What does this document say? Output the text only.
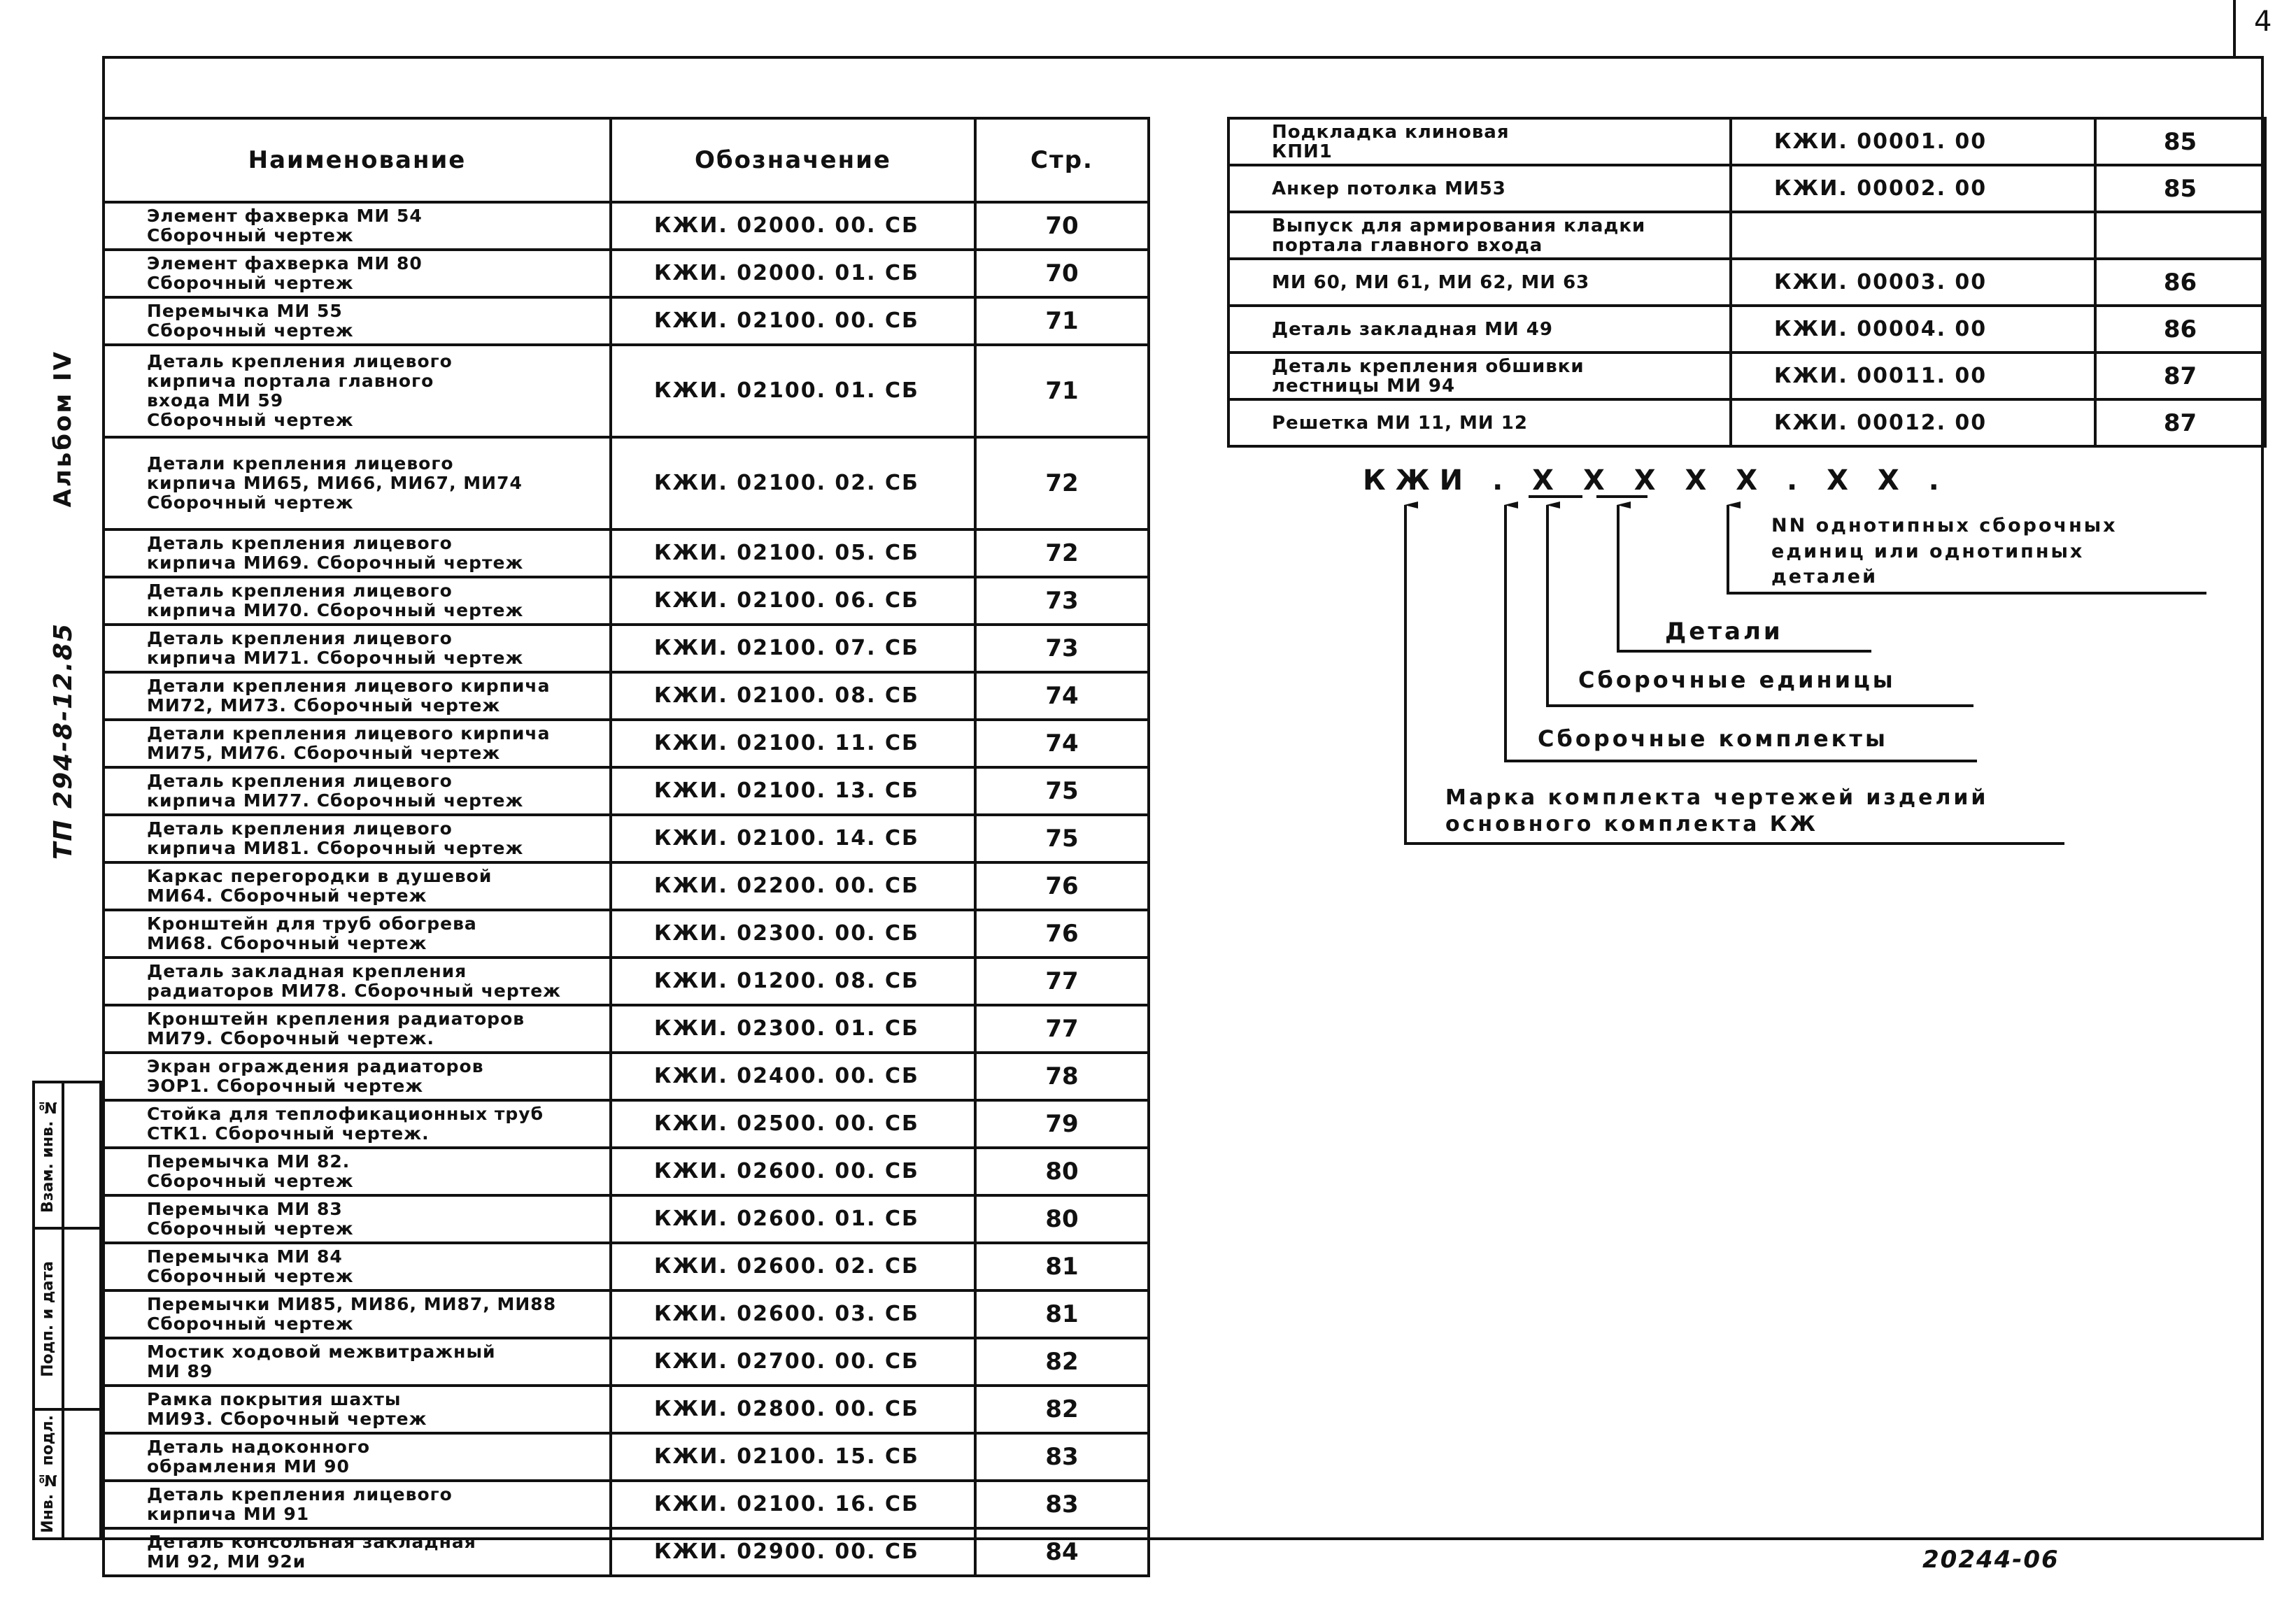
4
Альбом IV
ТП 294-8-12.85
Взам. инв. №
Подп. и дата
Инв. № подл.
Наименование	Обозначение	Стр.

Элемент фахверка МИ 54
Сборочный чертеж	КЖИ. 02000. 00. СБ	70

Элемент фахверка МИ 80
Сборочный чертеж	КЖИ. 02000. 01. СБ	70

Перемычка МИ 55
Сборочный чертеж	КЖИ. 02100. 00. СБ	71

Деталь крепления лицевого
кирпича портала главного
входа МИ 59
Сборочный чертеж	КЖИ. 02100. 01. СБ	71

Детали крепления лицевого
кирпича МИ65, МИ66, МИ67, МИ74
Сборочный чертеж	КЖИ. 02100. 02. СБ	72

Деталь крепления лицевого
кирпича МИ69. Сборочный чертеж	КЖИ. 02100. 05. СБ	72

Деталь крепления лицевого
кирпича МИ70. Сборочный чертеж	КЖИ. 02100. 06. СБ	73

Деталь крепления лицевого
кирпича МИ71. Сборочный чертеж	КЖИ. 02100. 07. СБ	73

Детали крепления лицевого кирпича
МИ72, МИ73. Сборочный чертеж	КЖИ. 02100. 08. СБ	74

Детали крепления лицевого кирпича
МИ75, МИ76. Сборочный чертеж	КЖИ. 02100. 11. СБ	74

Деталь крепления лицевого
кирпича МИ77. Сборочный чертеж	КЖИ. 02100. 13. СБ	75

Деталь крепления лицевого
кирпича МИ81. Сборочный чертеж	КЖИ. 02100. 14. СБ	75

Каркас перегородки в душевой
МИ64. Сборочный чертеж	КЖИ. 02200. 00. СБ	76

Кронштейн для труб обогрева
МИ68. Сборочный чертеж	КЖИ. 02300. 00. СБ	76

Деталь закладная крепления
радиаторов МИ78. Сборочный чертеж	КЖИ. 01200. 08. СБ	77

Кронштейн крепления радиаторов
МИ79. Сборочный чертеж.	КЖИ. 02300. 01. СБ	77

Экран ограждения радиаторов
ЭОР1. Сборочный чертеж	КЖИ. 02400. 00. СБ	78

Стойка для теплофикационных труб
СТК1. Сборочный чертеж.	КЖИ. 02500. 00. СБ	79

Перемычка МИ 82.
Сборочный чертеж	КЖИ. 02600. 00. СБ	80

Перемычка МИ 83
Сборочный чертеж	КЖИ. 02600. 01. СБ	80

Перемычка МИ 84
Сборочный чертеж	КЖИ. 02600. 02. СБ	81

Перемычки МИ85, МИ86, МИ87, МИ88
Сборочный чертеж	КЖИ. 02600. 03. СБ	81

Мостик ходовой межвитражный
МИ 89	КЖИ. 02700. 00. СБ	82

Рамка покрытия шахты
МИ93. Сборочный чертеж	КЖИ. 02800. 00. СБ	82

Деталь надоконного
обрамления МИ 90	КЖИ. 02100. 15. СБ	83

Деталь крепления лицевого
кирпича МИ 91	КЖИ. 02100. 16. СБ	83

Деталь консольная закладная
МИ 92, МИ 92и	КЖИ. 02900. 00. СБ	84
Подкладка клиновая
КПИ1	КЖИ. 00001. 00	85

Анкер потолка МИ53	КЖИ. 00002. 00	85

Выпуск для армирования кладки
портала главного входа		

МИ 60, МИ 61, МИ 62, МИ 63	КЖИ. 00003. 00	86

Деталь закладная МИ 49	КЖИ. 00004. 00	86

Деталь крепления обшивки
лестницы МИ 94	КЖИ. 00011. 00	87

Решетка МИ 11, МИ 12	КЖИ. 00012. 00	87
КЖИ . Х Х Х Х Х . Х Х .
NN однотипных сборочных
единиц или однотипных
деталей
Детали
Сборочные единицы
Сборочные комплекты
Марка комплекта чертежей изделий
основного комплекта КЖ
20244-06
